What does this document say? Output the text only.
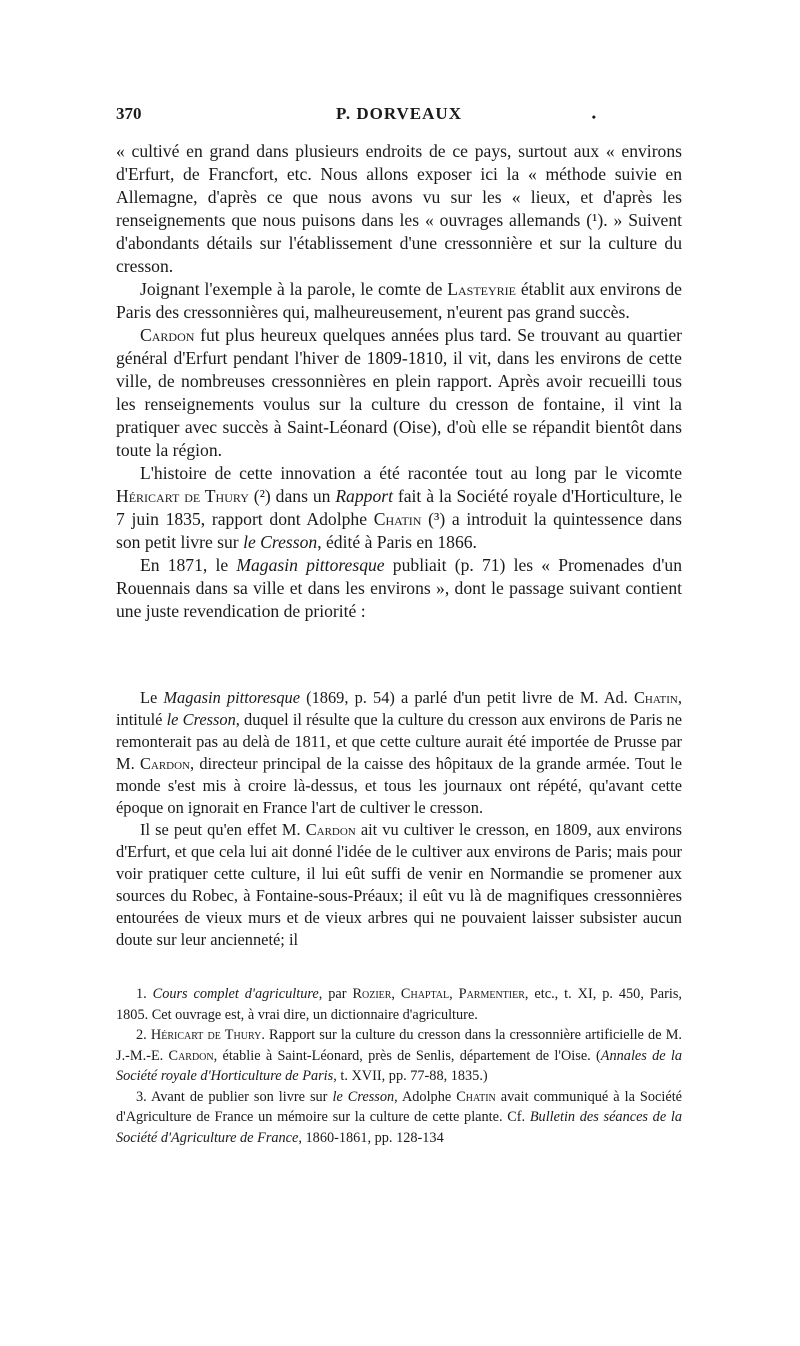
370	P. DORVEAUX	•

« cultivé en grand dans plusieurs endroits de ce pays, surtout aux « environs d'Erfurt, de Francfort, etc. Nous allons exposer ici la « méthode suivie en Allemagne, d'après ce que nous avons vu sur les « lieux, et d'après les renseignements que nous puisons dans les « ouvrages allemands (¹). » Suivent d'abondants détails sur l'établissement d'une cressonnière et sur la culture du cresson.

Joignant l'exemple à la parole, le comte de Lasteyrie établit aux environs de Paris des cressonnières qui, malheureusement, n'eurent pas grand succès.

Cardon fut plus heureux quelques années plus tard. Se trouvant au quartier général d'Erfurt pendant l'hiver de 1809-1810, il vit, dans les environs de cette ville, de nombreuses cressonnières en plein rapport. Après avoir recueilli tous les renseignements voulus sur la culture du cresson de fontaine, il vint la pratiquer avec succès à Saint-Léonard (Oise), d'où elle se répandit bientôt dans toute la région.

L'histoire de cette innovation a été racontée tout au long par le vicomte Héricart de Thury (²) dans un Rapport fait à la Société royale d'Horticulture, le 7 juin 1835, rapport dont Adolphe Chatin (³) a introduit la quintessence dans son petit livre sur le Cresson, édité à Paris en 1866.

En 1871, le Magasin pittoresque publiait (p. 71) les « Promenades d'un Rouennais dans sa ville et dans les environs », dont le passage suivant contient une juste revendication de priorité :

Le Magasin pittoresque (1869, p. 54) a parlé d'un petit livre de M. Ad. Chatin, intitulé le Cresson, duquel il résulte que la culture du cresson aux environs de Paris ne remonterait pas au delà de 1811, et que cette culture aurait été importée de Prusse par M. Cardon, directeur principal de la caisse des hôpitaux de la grande armée. Tout le monde s'est mis à croire là-dessus, et tous les journaux ont répété, qu'avant cette époque on ignorait en France l'art de cultiver le cresson.

Il se peut qu'en effet M. Cardon ait vu cultiver le cresson, en 1809, aux environs d'Erfurt, et que cela lui ait donné l'idée de le cultiver aux environs de Paris; mais pour voir pratiquer cette culture, il lui eût suffi de venir en Normandie se promener aux sources du Robec, à Fontaine-sous-Préaux; il eût vu là de magnifiques cressonnières entourées de vieux murs et de vieux arbres qui ne pouvaient laisser subsister aucun doute sur leur ancienneté; il

1. Cours complet d'agriculture, par Rozier, Chaptal, Parmentier, etc., t. XI, p. 450, Paris, 1805. Cet ouvrage est, à vrai dire, un dictionnaire d'agriculture.

2. Héricart de Thury. Rapport sur la culture du cresson dans la cressonnière artificielle de M. J.-M.-E. Cardon, établie à Saint-Léonard, près de Senlis, département de l'Oise. (Annales de la Société royale d'Horticulture de Paris, t. XVII, pp. 77-88, 1835.)

3. Avant de publier son livre sur le Cresson, Adolphe Chatin avait communiqué à la Société d'Agriculture de France un mémoire sur la culture de cette plante. Cf. Bulletin des séances de la Société d'Agriculture de France, 1860-1861, pp. 128-134
